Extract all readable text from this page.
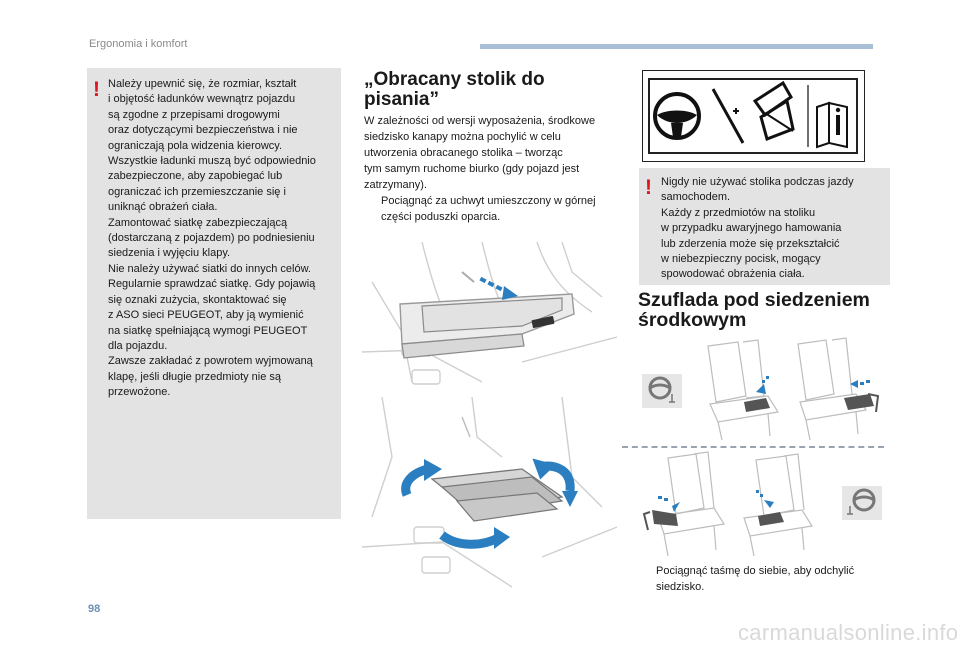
Ergonomia i komfort
! Należy upewnić się, że rozmiar, kształt

i objętość ładunków wewnątrz pojazdu

są zgodne z przepisami drogowymi

oraz dotyczącymi bezpieczeństwa i nie

ograniczają pola widzenia kierowcy.

Wszystkie ładunki muszą być odpowiednio

zabezpieczone, aby zapobiegać lub

ograniczać ich przemieszczanie się i

uniknąć obrażeń ciała.

Zamontować siatkę zabezpieczającą

(dostarczaną z pojazdem) po podniesieniu

siedzenia i wyjęciu klapy.

Nie należy używać siatki do innych celów.

Regularnie sprawdzać siatkę. Gdy pojawią

się oznaki zużycia, skontaktować się

z ASO sieci PEUGEOT, aby ją wymienić

na siatkę spełniającą wymogi PEUGEOT

dla pojazdu.

Zawsze zakładać z powrotem wyjmowaną

klapę, jeśli długie przedmioty nie są

przewożone.

„Obracany stolik do
pisania”
W zależności od wersji wyposażenia, środkowe
siedzisko kanapy można pochylić w celu
utworzenia obracanego stolika – tworząc
tym samym ruchome biurko (gdy pojazd jest
zatrzymany).
Pociągnąć za uchwyt umieszczony w górnej
części poduszki oparcia.
! Nigdy nie używać stolika podczas jazdy

samochodem.

Każdy z przedmiotów na stoliku

w przypadku awaryjnego hamowania

lub zderzenia może się przekształcić

w niebezpieczny pocisk, mogący

spowodować obrażenia ciała.

Szuflada pod siedzeniem
środkowym
Pociągnąć taśmę do siebie, aby odchylić
siedzisko.
98
carmanualsonline.info
